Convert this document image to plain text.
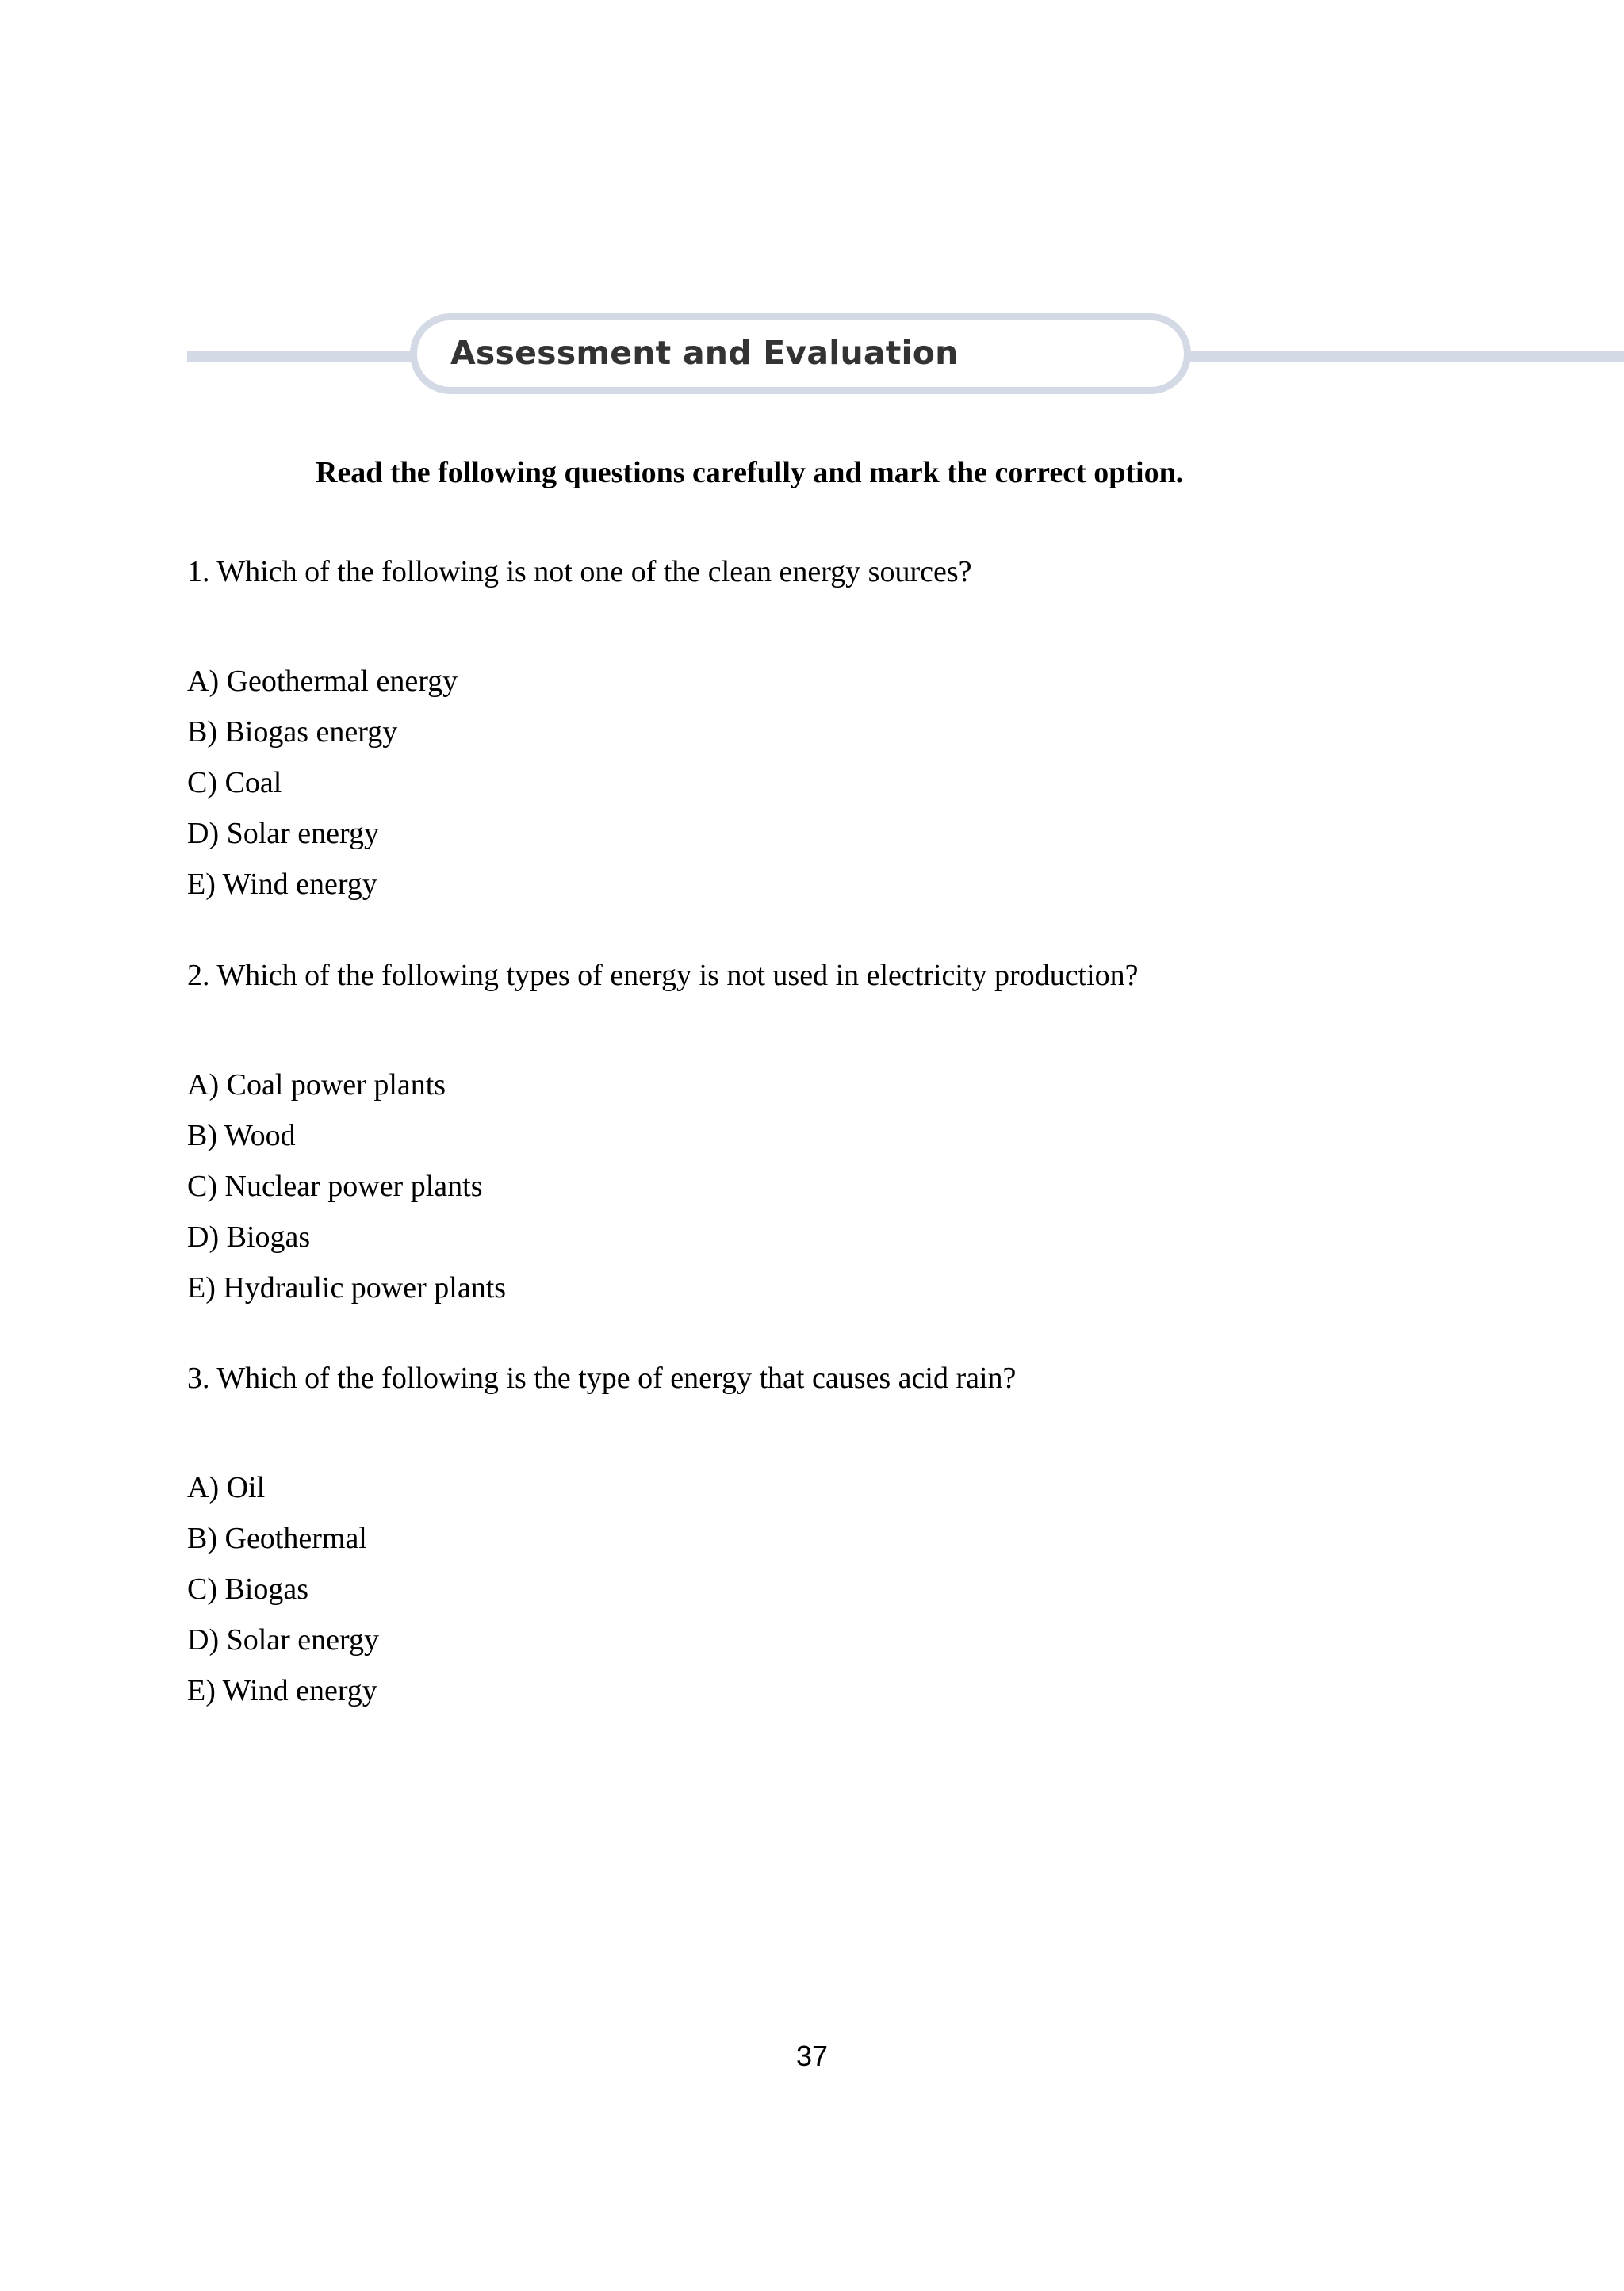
Assessment and Evaluation
Read the following questions carefully and mark the correct option.

1. Which of the following is not one of the clean energy sources?

A) Geothermal energy
B) Biogas energy
C) Coal
D) Solar energy
E) Wind energy

2. Which of the following types of energy is not used in electricity production?

A) Coal power plants
B) Wood
C) Nuclear power plants
D) Biogas
E) Hydraulic power plants

3. Which of the following is the type of energy that causes acid rain?

A) Oil
B) Geothermal
C) Biogas
D) Solar energy
E) Wind energy
37
